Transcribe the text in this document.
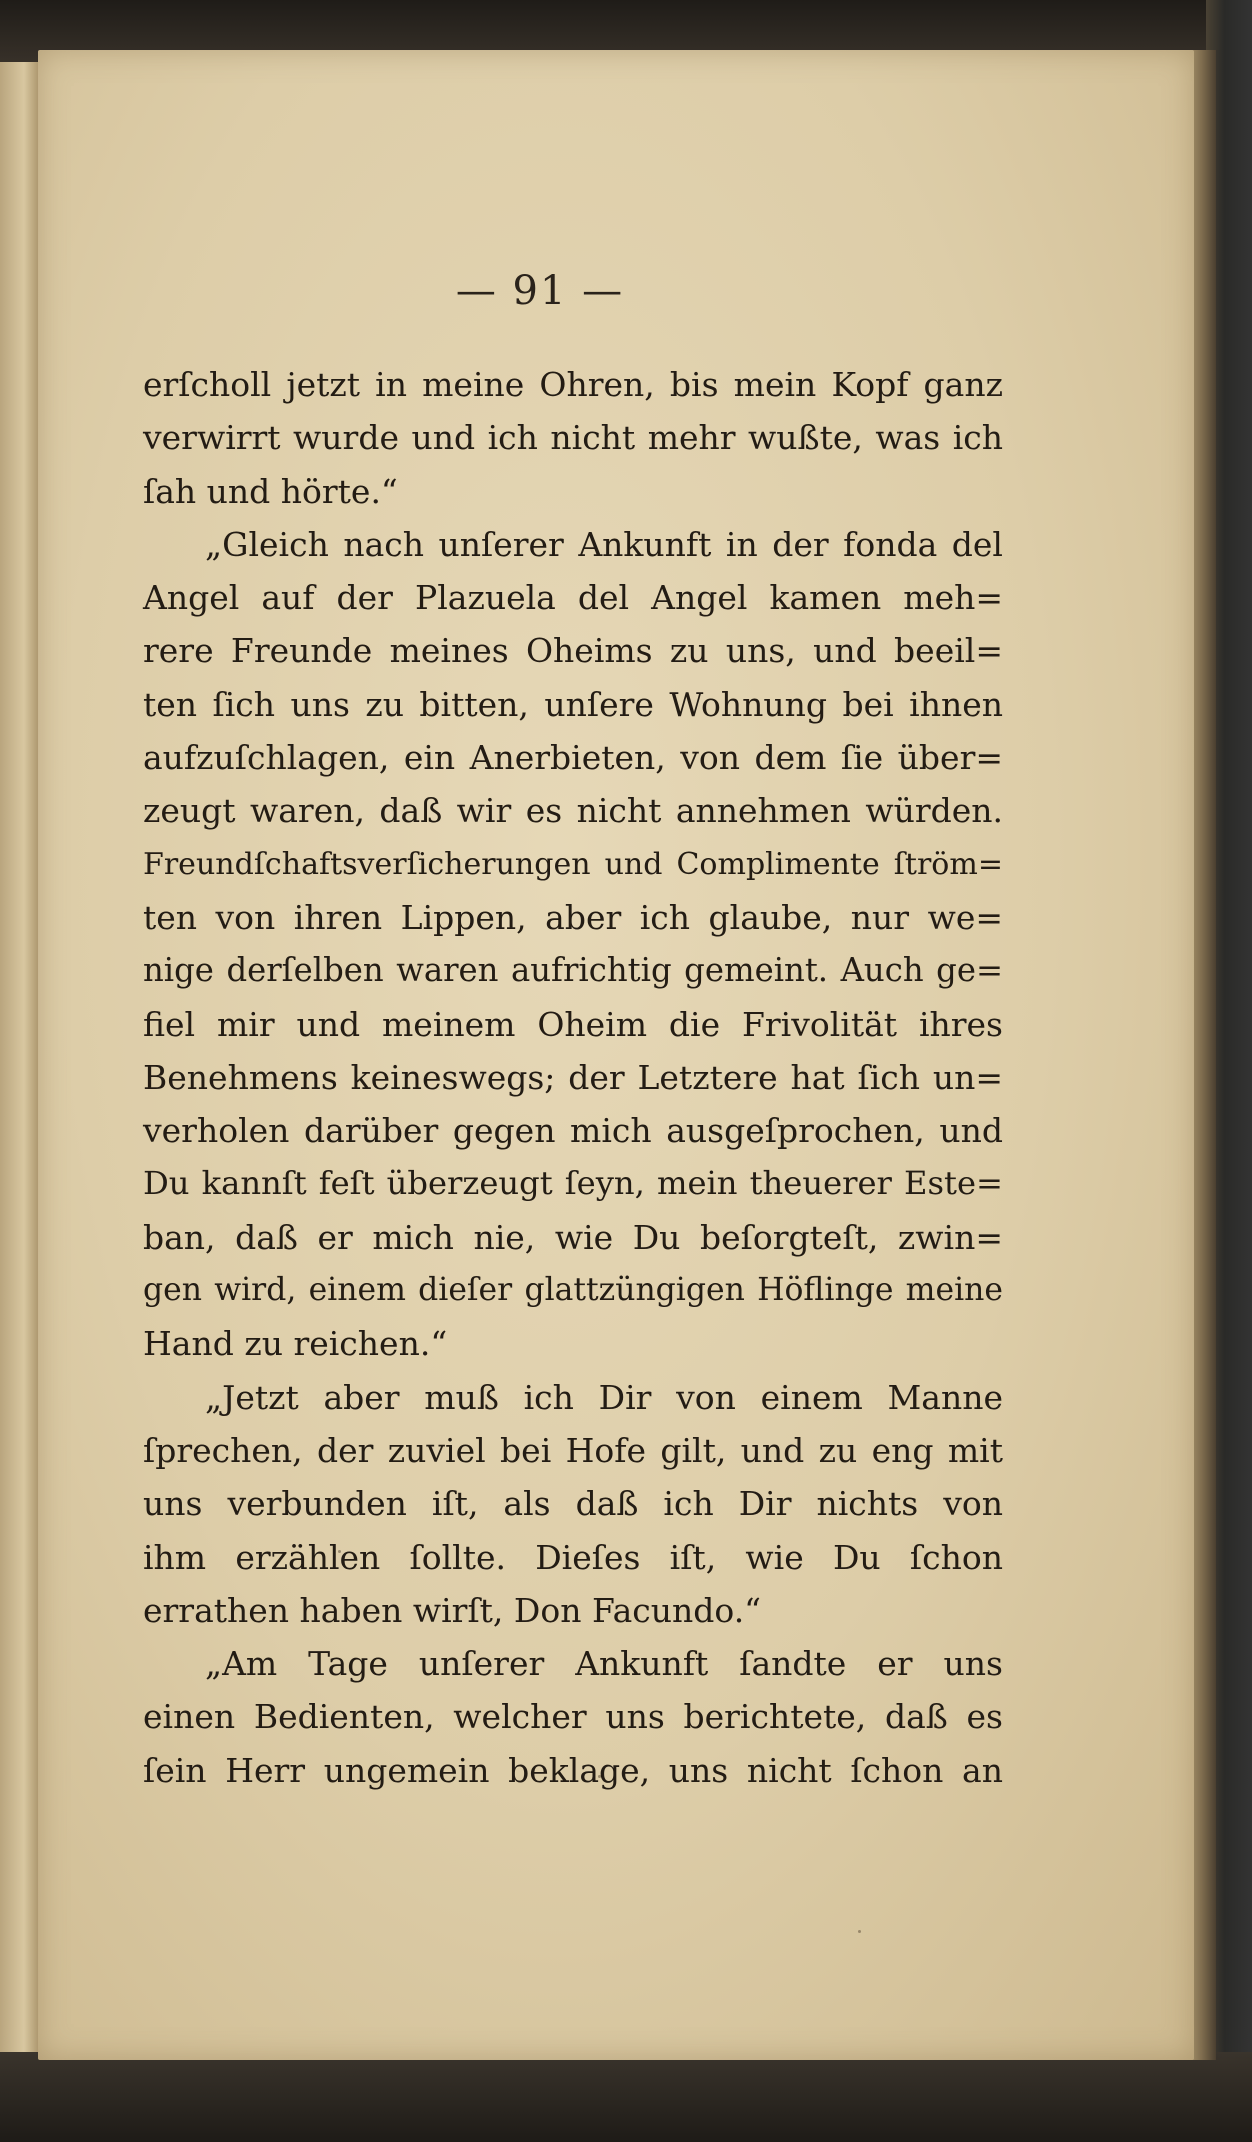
— 91 —
erſcholl jetzt in meine Ohren, bis mein Kopf ganz
verwirrt wurde und ich nicht mehr wußte, was ich
ſah und hörte.“
„Gleich nach unſerer Ankunft in der fonda del
Angel auf der Plazuela del Angel kamen meh=
rere Freunde meines Oheims zu uns, und beeil=
ten ſich uns zu bitten, unſere Wohnung bei ihnen
aufzuſchlagen, ein Anerbieten, von dem ſie über=
zeugt waren, daß wir es nicht annehmen würden.
Freundſchaftsverſicherungen und Complimente ſtröm=
ten von ihren Lippen, aber ich glaube, nur we=
nige derſelben waren aufrichtig gemeint. Auch ge=
fiel mir und meinem Oheim die Frivolität ihres
Benehmens keineswegs; der Letztere hat ſich un=
verholen darüber gegen mich ausgeſprochen, und
Du kannſt feſt überzeugt ſeyn, mein theuerer Este=
ban, daß er mich nie, wie Du beſorgteſt, zwin=
gen wird, einem dieſer glattzüngigen Höflinge meine
Hand zu reichen.“
„Jetzt aber muß ich Dir von einem Manne
ſprechen, der zuviel bei Hofe gilt, und zu eng mit
uns verbunden iſt, als daß ich Dir nichts von
ihm erzählen ſollte. Dieſes iſt, wie Du ſchon
errathen haben wirſt, Don Facundo.“
„Am Tage unſerer Ankunft ſandte er uns
einen Bedienten, welcher uns berichtete, daß es
ſein Herr ungemein beklage, uns nicht ſchon an
